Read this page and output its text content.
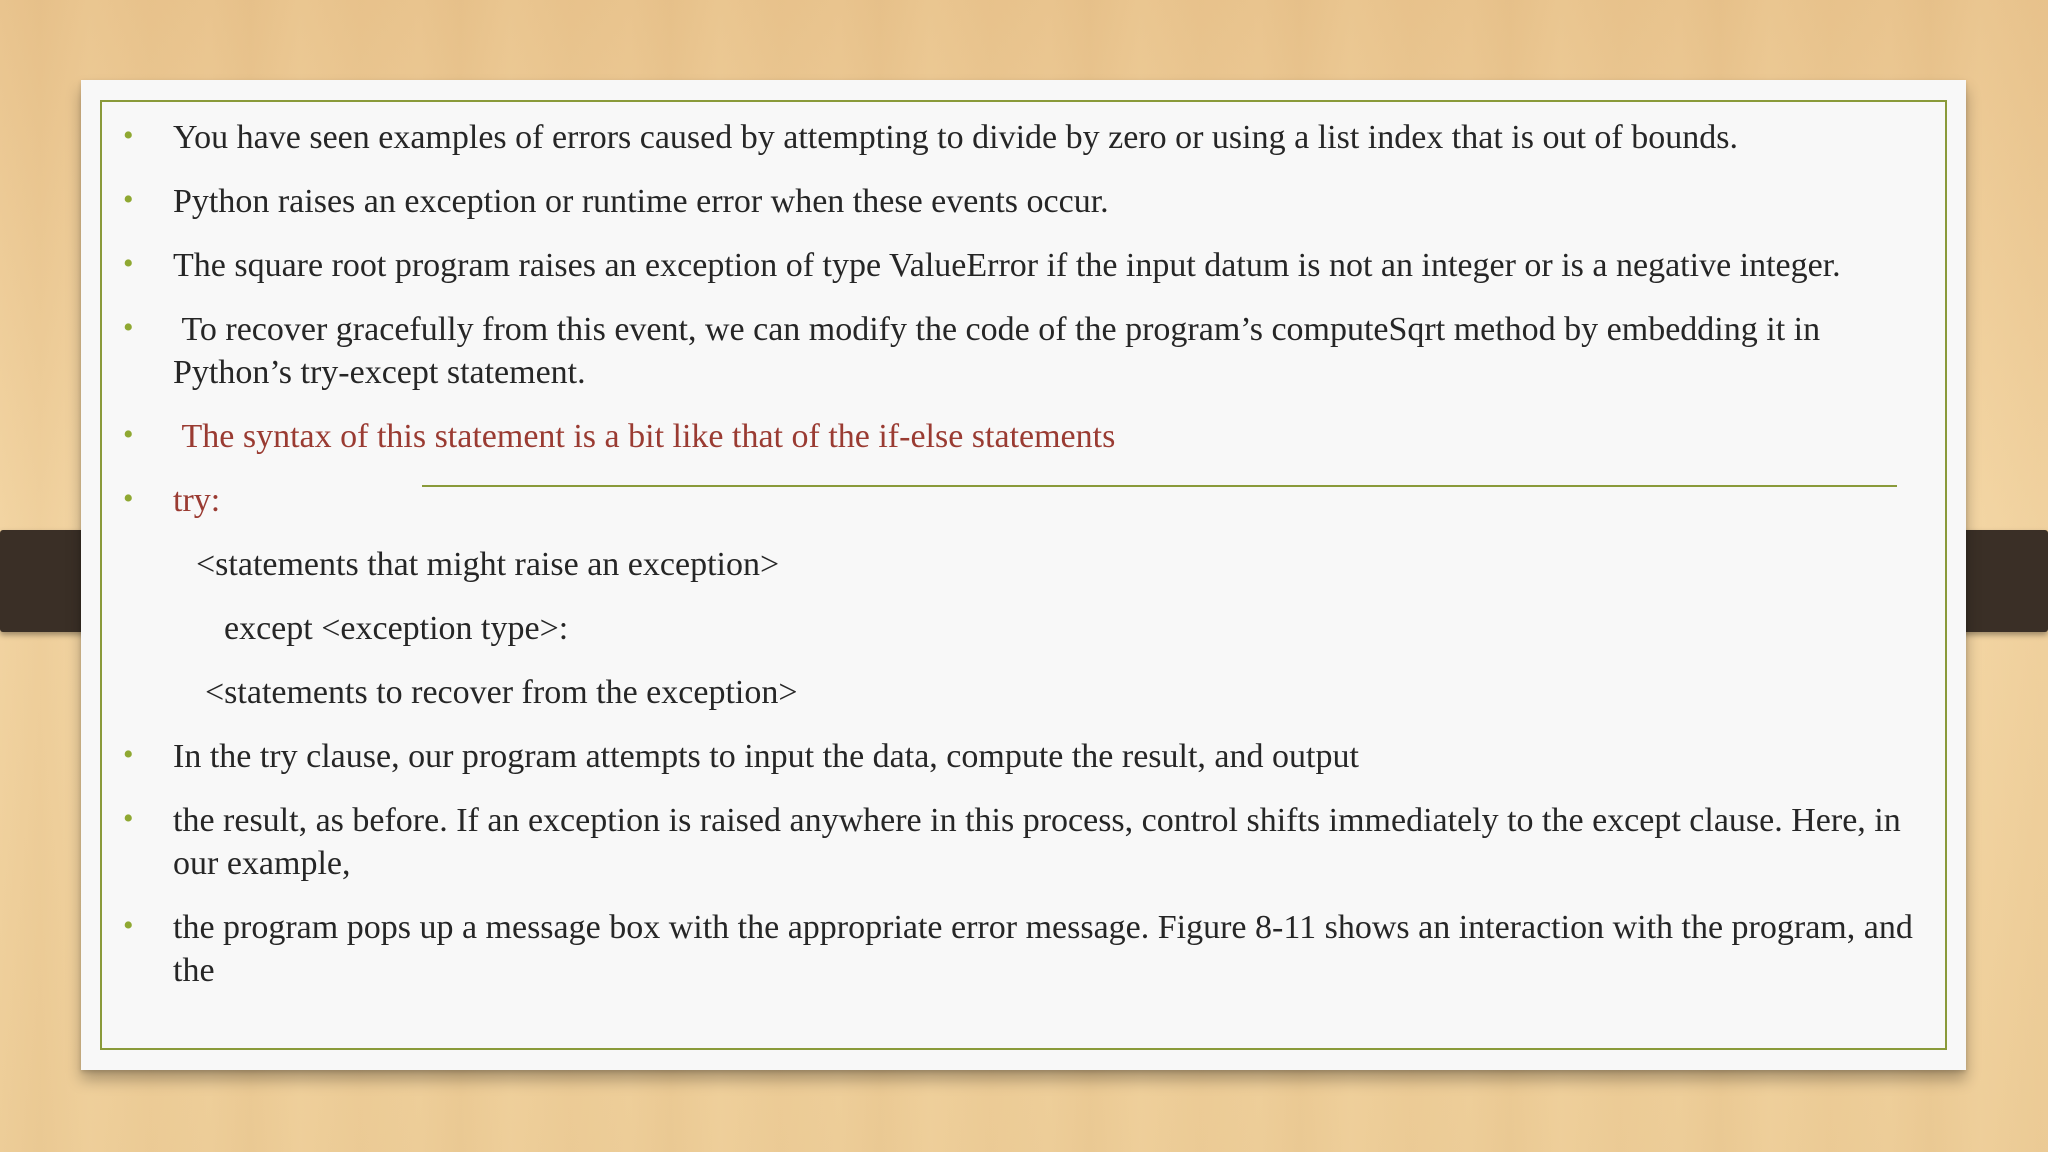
• You have seen examples of errors caused by attempting to divide by zero or using a list index that is out of bounds.
• Python raises an exception or runtime error when these events occur.
• The square root program raises an exception of type ValueError if the input datum is not an integer or is a negative integer.
• To recover gracefully from this event, we can modify the code of the program’s computeSqrt method by embedding it in Python’s try-except statement.
• The syntax of this statement is a bit like that of the if-else statements
• try:
<statements that might raise an exception>
except <exception type>:
<statements to recover from the exception>
• In the try clause, our program attempts to input the data, compute the result, and output
• the result, as before. If an exception is raised anywhere in this process, control shifts immediately to the except clause. Here, in our example,
• the program pops up a message box with the appropriate error message. Figure 8-11 shows an interaction with the program, and the
